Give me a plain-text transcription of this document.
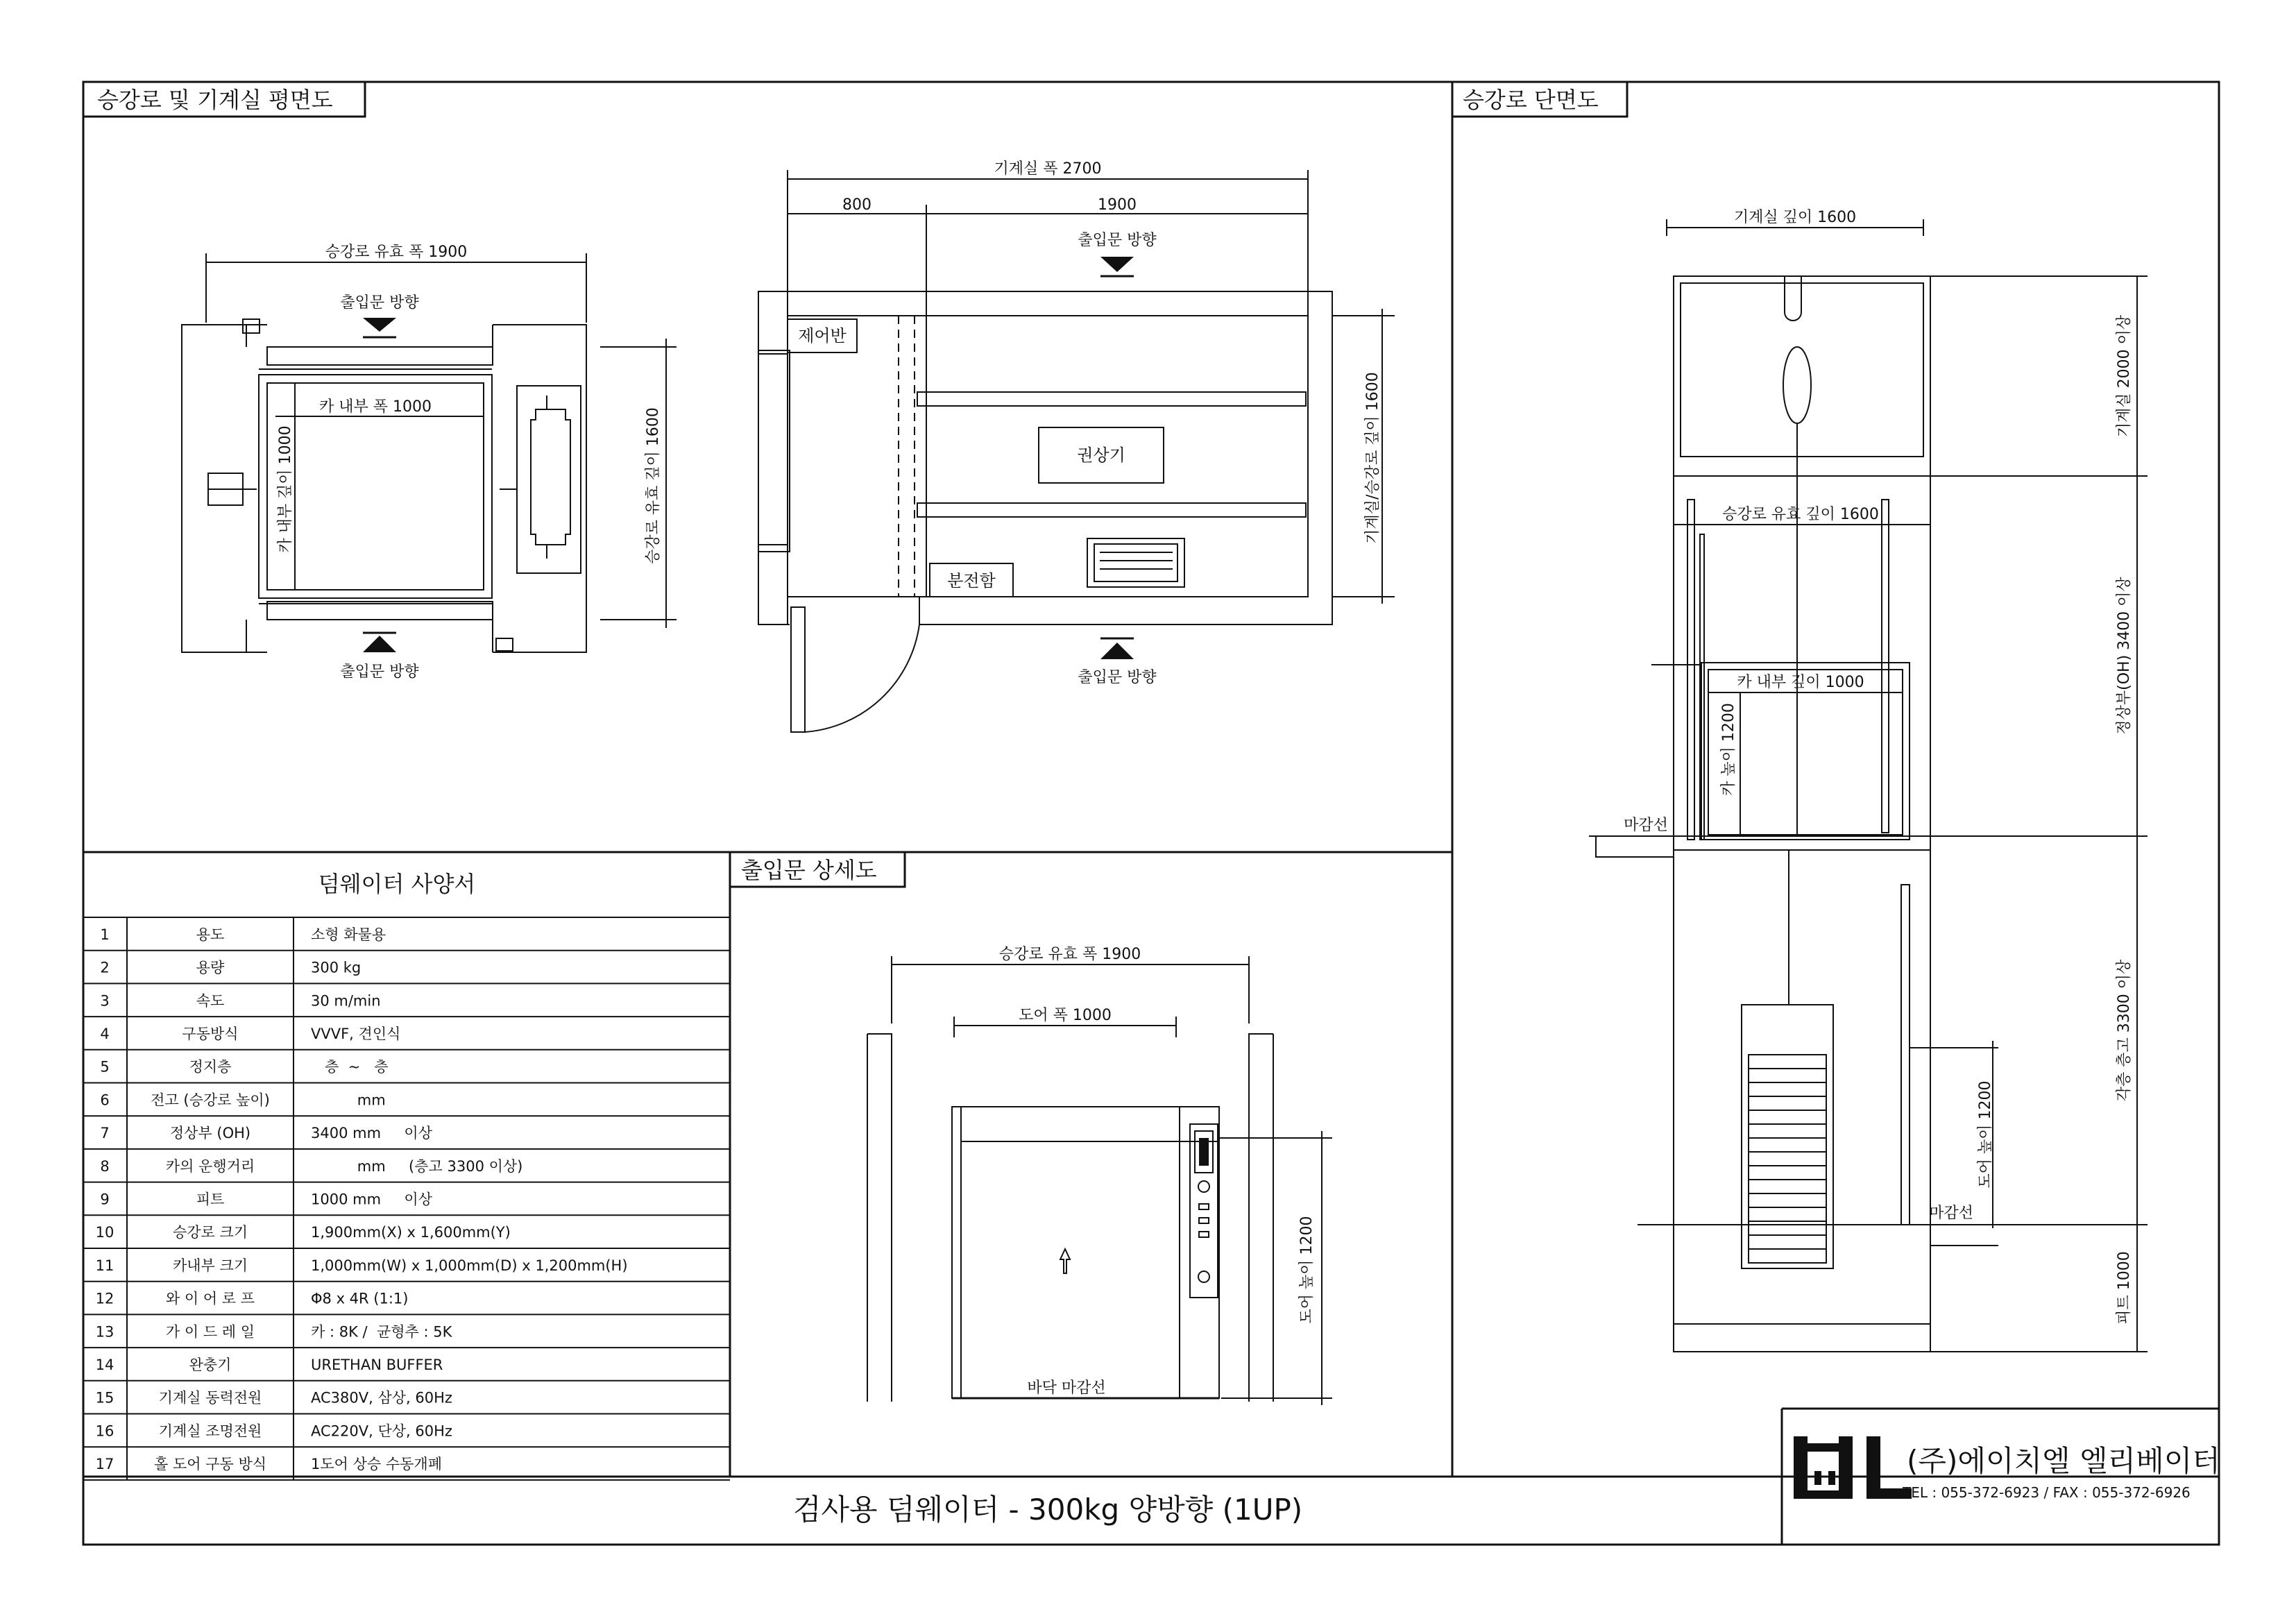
승강로 및 기계실 평면도	승강로 단면도
출입문 상세도
승강로 유효 폭 1900
출입문 방향
카 내부 폭 1000
카 내부 깊이 1000	승강로 유효 깊이 1600
출입문 방향
기계실 폭 2700
800	1900
출입문 방향
제어반
권상기
분전함
기계실/승강로 깊이 1600
출입문 방향
기계실 깊이 1600
승강로 유효 깊이 1600
카 내부 깊이 1000
카 높이 1200
마감선
도어 높이 1200
마감선
기계실 2000 이상
정상부(OH) 3400 이상
각층 층고 3300 이상
피트 1000
승강로 유효 폭 1900
도어 폭 1000
도어 높이 1200
바닥 마감선
덤웨이터 사양서
1	용도	소형 화물용
2	용량	300 kg
3	속도	30 m/min
4	구동방식	VVVF, 견인식
5	정지층	층  ~   층
6	전고 (승강로 높이)	mm
7	정상부 (OH)	3400 mm     이상
8	카의 운행거리	mm     (층고 3300 이상)
9	피트	1000 mm     이상
10	승강로 크기	1,900mm(X) x 1,600mm(Y)
11	카내부 크기	1,000mm(W) x 1,000mm(D) x 1,200mm(H)
12	와 이 어 로 프	Φ8 x 4R (1:1)
13	가 이 드 레 일	카 : 8K /  균형추 : 5K
14	완충기	URETHAN BUFFER
15	기계실 동력전원	AC380V, 삼상, 60Hz
16	기계실 조명전원	AC220V, 단상, 60Hz
17	홀 도어 구동 방식	1도어 상승 수동개폐
검사용 덤웨이터 - 300kg 양방향 (1UP)
(주)에이치엘 엘리베이터
TEL : 055-372-6923 / FAX : 055-372-6926
